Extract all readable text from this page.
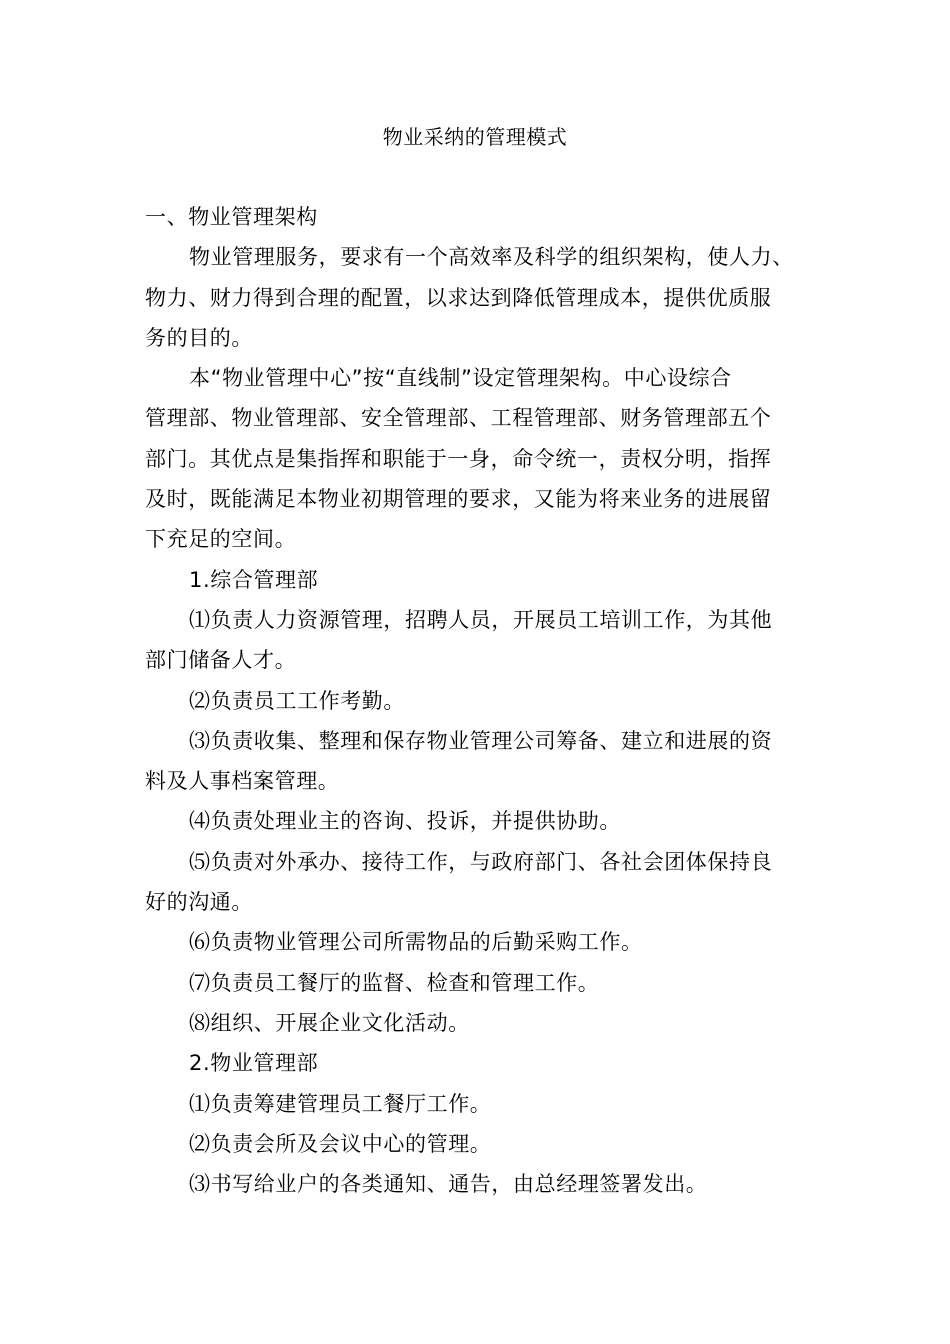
物业采纳的管理模式
一、物业管理架构
物业管理服务，要求有一个高效率及科学的组织架构，使人力、
物力、财力得到合理的配置，以求达到降低管理成本，提供优质服
务的目的。
本“物业管理中心”按“直线制”设定管理架构。中心设综合
管理部、物业管理部、安全管理部、工程管理部、财务管理部五个
部门。其优点是集指挥和职能于一身，命令统一，责权分明，指挥
及时，既能满足本物业初期管理的要求，又能为将来业务的进展留
下充足的空间。
1.综合管理部
⑴负责人力资源管理，招聘人员，开展员工培训工作，为其他
部门储备人才。
⑵负责员工工作考勤。
⑶负责收集、整理和保存物业管理公司筹备、建立和进展的资
料及人事档案管理。
⑷负责处理业主的咨询、投诉，并提供协助。
⑸负责对外承办、接待工作，与政府部门、各社会团体保持良
好的沟通。
⑹负责物业管理公司所需物品的后勤采购工作。
⑺负责员工餐厅的监督、检查和管理工作。
⑻组织、开展企业文化活动。
2.物业管理部
⑴负责筹建管理员工餐厅工作。
⑵负责会所及会议中心的管理。
⑶书写给业户的各类通知、通告，由总经理签署发出。
